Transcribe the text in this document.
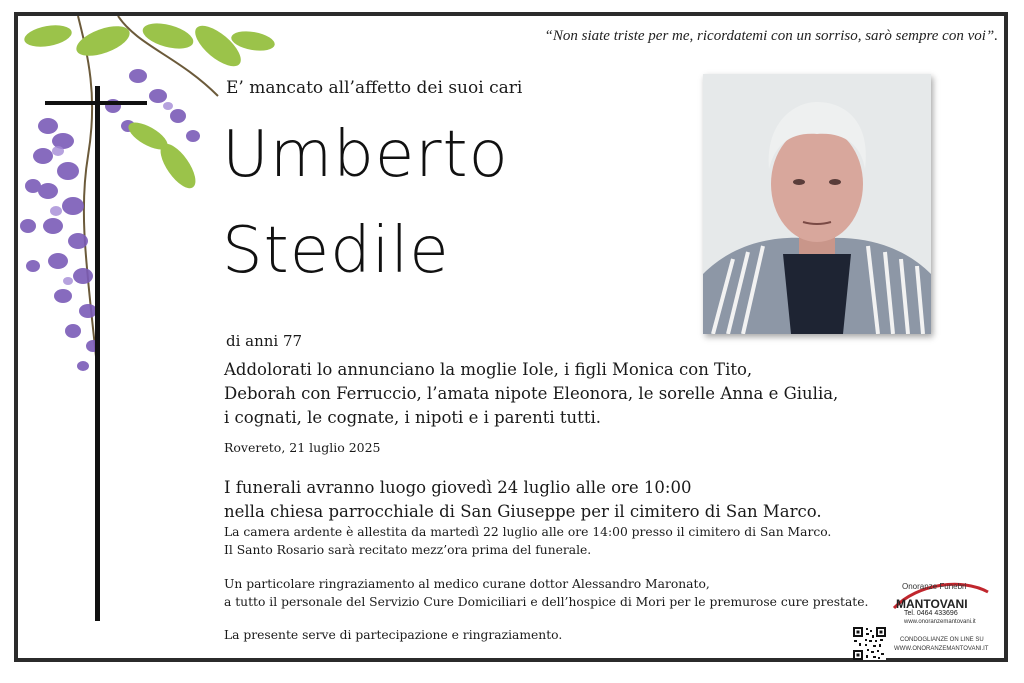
“Non siate triste per me, ricordatemi con un sorriso, sarò sempre con voi”.
E’ mancato all’affetto dei suoi cari
Umberto
Stedile
di anni 77
Addolorati lo annunciano la moglie Iole, i figli Monica con Tito,
Deborah con Ferruccio, l’amata nipote Eleonora, le sorelle Anna e Giulia,
i cognati, le cognate, i nipoti e i parenti tutti.
Rovereto, 21 luglio 2025
I funerali avranno luogo giovedì 24 luglio alle ore 10:00
nella chiesa parrocchiale di San Giuseppe per il cimitero di San Marco.
La camera ardente è allestita da martedì 22 luglio alle ore 14:00 presso il cimitero di San Marco.
Il Santo Rosario sarà recitato mezz’ora prima del funerale.
Un particolare ringraziamento al medico curane dottor Alessandro Maronato,
a tutto il personale del Servizio Cure Domiciliari e dell’hospice di Mori per le premurose cure prestate.
La presente serve di partecipazione e ringraziamento.
Onoranze Funebri
MANTOVANI
Tel. 0464 433696
www.onoranzemantovani.it
CONDOGLIANZE ON LINE SU
WWW.ONORANZEMANTOVANI.IT
